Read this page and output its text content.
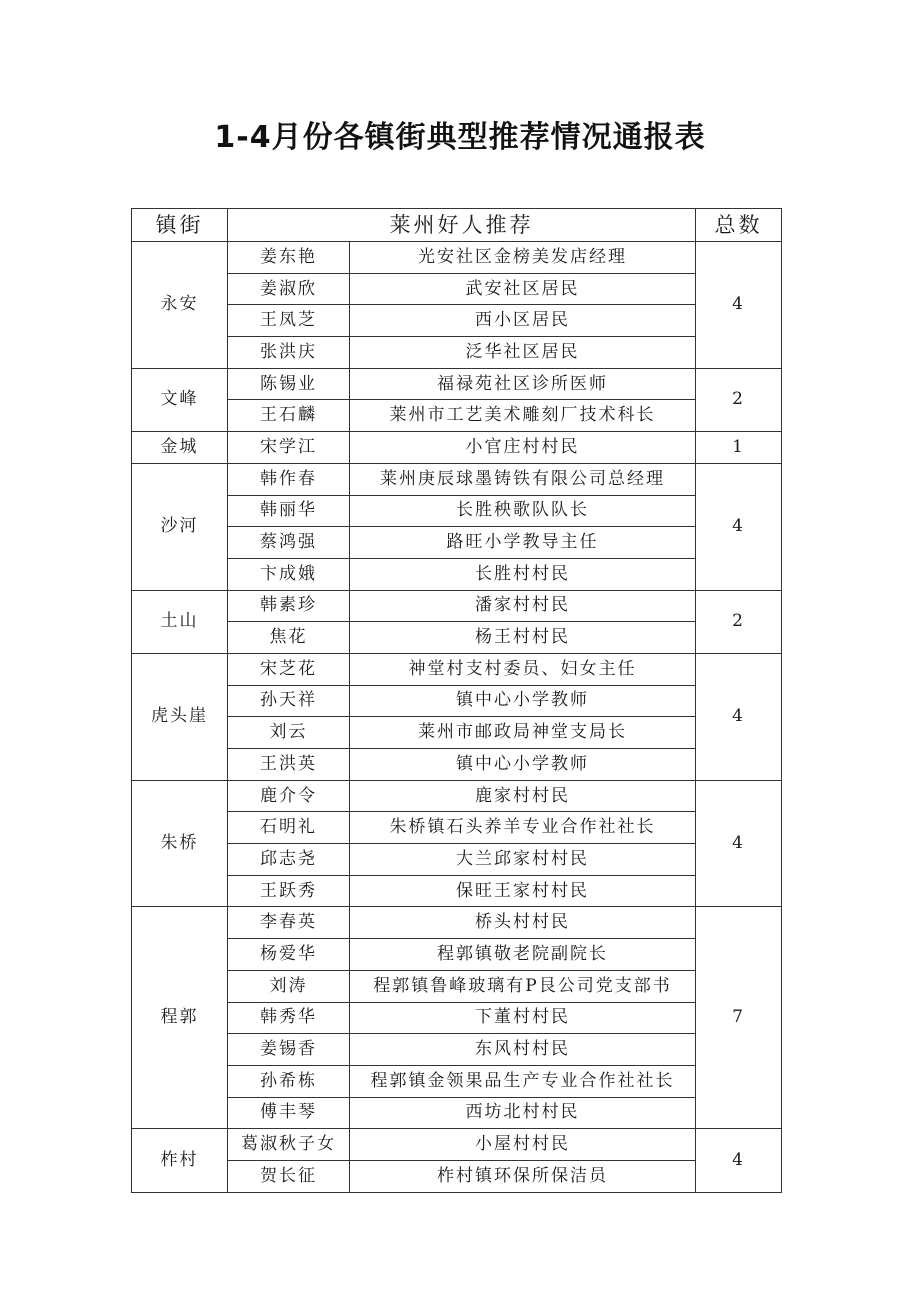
1-4月份各镇街典型推荐情况通报表
镇街	莱州好人推荐		总数
永安	姜东艳	光安社区金榜美发店经理	4
	姜淑欣	武安社区居民	
	王凤芝	西小区居民	
	张洪庆	泛华社区居民	
文峰	陈锡业	福禄苑社区诊所医师	2
	王石麟	莱州市工艺美术雕刻厂技术科长	
金城	宋学江	小官庄村村民	1
沙河	韩作春	莱州庚辰球墨铸铁有限公司总经理	4
	韩丽华	长胜秧歌队队长	
	蔡鸿强	路旺小学教导主任	
	卞成娥	长胜村村民	
土山	韩素珍	潘家村村民	2
	焦花	杨王村村民	
虎头崖	宋芝花	神堂村支村委员、妇女主任	4
	孙天祥	镇中心小学教师	
	刘云	莱州市邮政局神堂支局长	
	王洪英	镇中心小学教师	
朱桥	鹿介令	鹿家村村民	4
	石明礼	朱桥镇石头养羊专业合作社社长	
	邱志尧	大兰邱家村村民	
	王跃秀	保旺王家村村民	
程郭	李春英	桥头村村民	7
	杨爱华	程郭镇敬老院副院长	
	刘涛	程郭镇鲁峰玻璃有P艮公司党支部书	
	韩秀华	下董村村民	
	姜锡香	东风村村民	
	孙希栋	程郭镇金领果品生产专业合作社社长	
	傅丰琴	西坊北村村民	
柞村	葛淑秋子女	小屋村村民	4
	贺长征	柞村镇环保所保洁员	
